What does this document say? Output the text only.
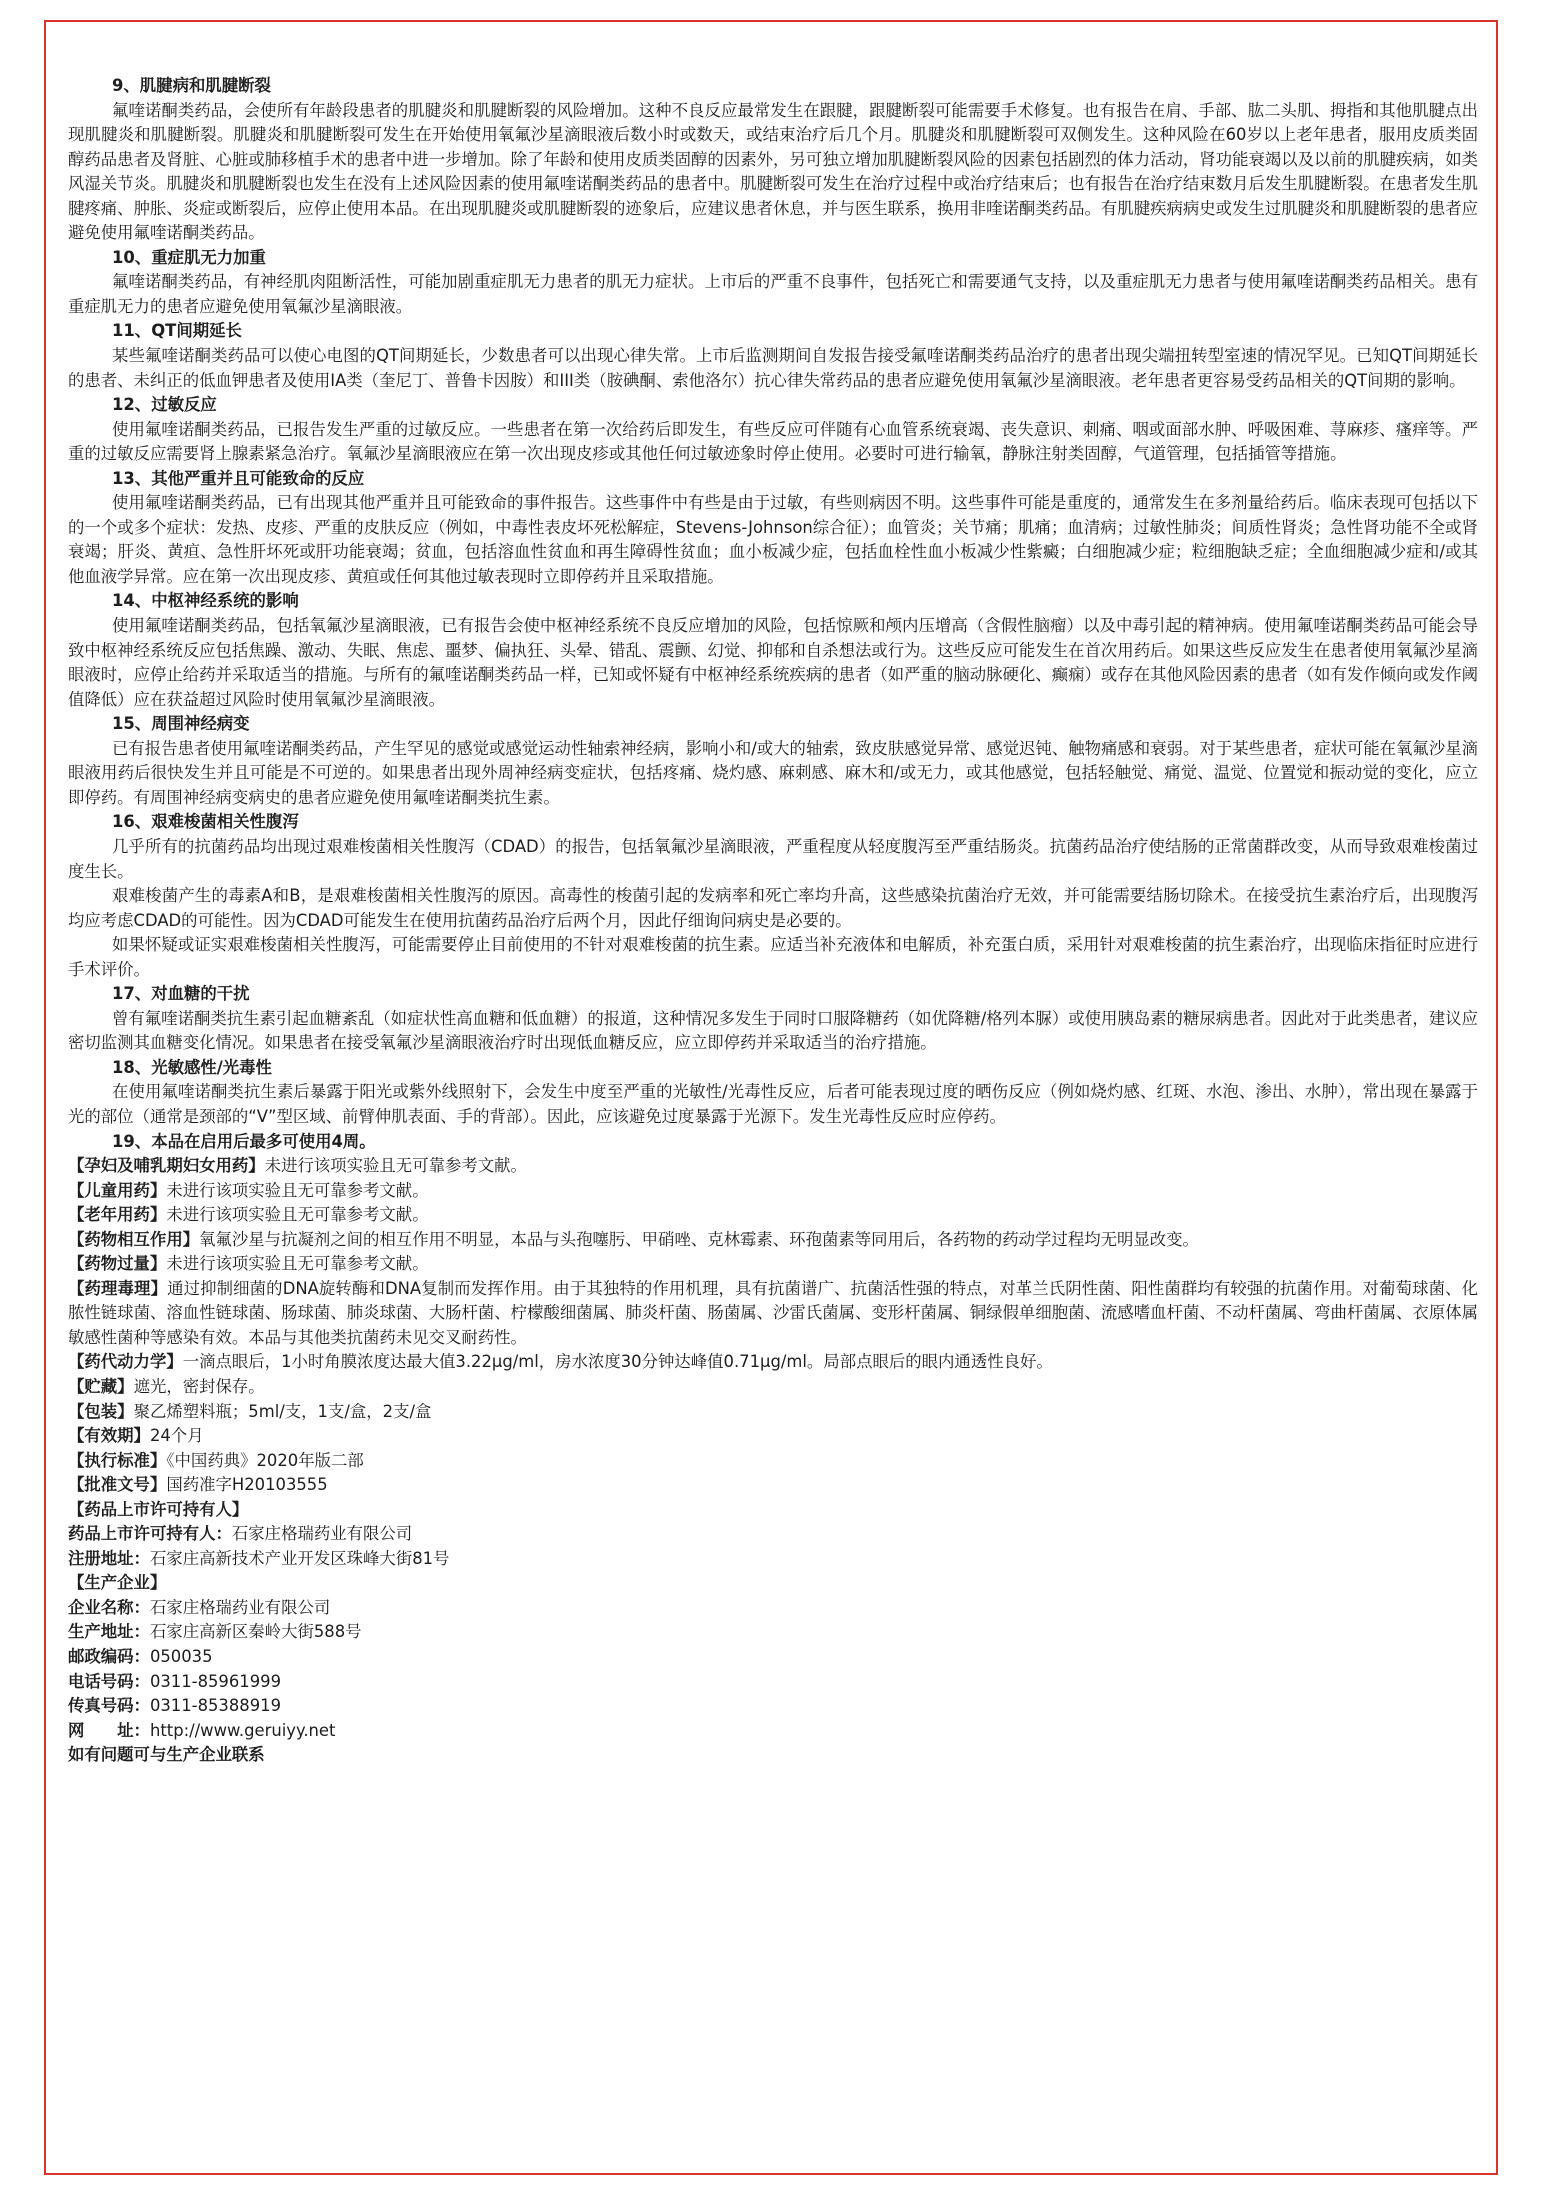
9、肌腱病和肌腱断裂

氟喹诺酮类药品，会使所有年龄段患者的肌腱炎和肌腱断裂的风险增加。这种不良反应最常发生在跟腱，跟腱断裂可能需要手术修复。也有报告在肩、手部、肱二头肌、拇指和其他肌腱点出现肌腱炎和肌腱断裂。肌腱炎和肌腱断裂可发生在开始使用氧氟沙星滴眼液后数小时或数天，或结束治疗后几个月。肌腱炎和肌腱断裂可双侧发生。这种风险在60岁以上老年患者，服用皮质类固醇药品患者及肾脏、心脏或肺移植手术的患者中进一步增加。除了年龄和使用皮质类固醇的因素外，另可独立增加肌腱断裂风险的因素包括剧烈的体力活动，肾功能衰竭以及以前的肌腱疾病，如类风湿关节炎。肌腱炎和肌腱断裂也发生在没有上述风险因素的使用氟喹诺酮类药品的患者中。肌腱断裂可发生在治疗过程中或治疗结束后；也有报告在治疗结束数月后发生肌腱断裂。在患者发生肌腱疼痛、肿胀、炎症或断裂后，应停止使用本品。在出现肌腱炎或肌腱断裂的迹象后，应建议患者休息，并与医生联系，换用非喹诺酮类药品。有肌腱疾病病史或发生过肌腱炎和肌腱断裂的患者应避免使用氟喹诺酮类药品。

10、重症肌无力加重

氟喹诺酮类药品，有神经肌肉阻断活性，可能加剧重症肌无力患者的肌无力症状。上市后的严重不良事件，包括死亡和需要通气支持，以及重症肌无力患者与使用氟喹诺酮类药品相关。患有重症肌无力的患者应避免使用氧氟沙星滴眼液。

11、QT间期延长

某些氟喹诺酮类药品可以使心电图的QT间期延长，少数患者可以出现心律失常。上市后监测期间自发报告接受氟喹诺酮类药品治疗的患者出现尖端扭转型室速的情况罕见。已知QT间期延长的患者、未纠正的低血钾患者及使用IA类（奎尼丁、普鲁卡因胺）和III类（胺碘酮、索他洛尔）抗心律失常药品的患者应避免使用氧氟沙星滴眼液。老年患者更容易受药品相关的QT间期的影响。

12、过敏反应

使用氟喹诺酮类药品，已报告发生严重的过敏反应。一些患者在第一次给药后即发生，有些反应可伴随有心血管系统衰竭、丧失意识、刺痛、咽或面部水肿、呼吸困难、荨麻疹、瘙痒等。严重的过敏反应需要肾上腺素紧急治疗。氧氟沙星滴眼液应在第一次出现皮疹或其他任何过敏迹象时停止使用。必要时可进行输氧，静脉注射类固醇，气道管理，包括插管等措施。

13、其他严重并且可能致命的反应

使用氟喹诺酮类药品，已有出现其他严重并且可能致命的事件报告。这些事件中有些是由于过敏，有些则病因不明。这些事件可能是重度的，通常发生在多剂量给药后。临床表现可包括以下的一个或多个症状：发热、皮疹、严重的皮肤反应（例如，中毒性表皮坏死松解症，Stevens-Johnson综合征）；血管炎；关节痛；肌痛；血清病；过敏性肺炎；间质性肾炎；急性肾功能不全或肾衰竭；肝炎、黄疸、急性肝坏死或肝功能衰竭；贫血，包括溶血性贫血和再生障碍性贫血；血小板减少症，包括血栓性血小板减少性紫癜；白细胞减少症；粒细胞缺乏症；全血细胞减少症和/或其他血液学异常。应在第一次出现皮疹、黄疸或任何其他过敏表现时立即停药并且采取措施。

14、中枢神经系统的影响

使用氟喹诺酮类药品，包括氧氟沙星滴眼液，已有报告会使中枢神经系统不良反应增加的风险，包括惊厥和颅内压增高（含假性脑瘤）以及中毒引起的精神病。使用氟喹诺酮类药品可能会导致中枢神经系统反应包括焦躁、激动、失眠、焦虑、噩梦、偏执狂、头晕、错乱、震颤、幻觉、抑郁和自杀想法或行为。这些反应可能发生在首次用药后。如果这些反应发生在患者使用氧氟沙星滴眼液时，应停止给药并采取适当的措施。与所有的氟喹诺酮类药品一样，已知或怀疑有中枢神经系统疾病的患者（如严重的脑动脉硬化、癫痫）或存在其他风险因素的患者（如有发作倾向或发作阈值降低）应在获益超过风险时使用氧氟沙星滴眼液。

15、周围神经病变

已有报告患者使用氟喹诺酮类药品，产生罕见的感觉或感觉运动性轴索神经病，影响小和/或大的轴索，致皮肤感觉异常、感觉迟钝、触物痛感和衰弱。对于某些患者，症状可能在氧氟沙星滴眼液用药后很快发生并且可能是不可逆的。如果患者出现外周神经病变症状，包括疼痛、烧灼感、麻刺感、麻木和/或无力，或其他感觉，包括轻触觉、痛觉、温觉、位置觉和振动觉的变化，应立即停药。有周围神经病变病史的患者应避免使用氟喹诺酮类抗生素。

16、艰难梭菌相关性腹泻

几乎所有的抗菌药品均出现过艰难梭菌相关性腹泻（CDAD）的报告，包括氧氟沙星滴眼液，严重程度从轻度腹泻至严重结肠炎。抗菌药品治疗使结肠的正常菌群改变，从而导致艰难梭菌过度生长。

艰难梭菌产生的毒素A和B，是艰难梭菌相关性腹泻的原因。高毒性的梭菌引起的发病率和死亡率均升高，这些感染抗菌治疗无效，并可能需要结肠切除术。在接受抗生素治疗后，出现腹泻均应考虑CDAD的可能性。因为CDAD可能发生在使用抗菌药品治疗后两个月，因此仔细询问病史是必要的。

如果怀疑或证实艰难梭菌相关性腹泻，可能需要停止目前使用的不针对艰难梭菌的抗生素。应适当补充液体和电解质，补充蛋白质，采用针对艰难梭菌的抗生素治疗，出现临床指征时应进行手术评价。

17、对血糖的干扰

曾有氟喹诺酮类抗生素引起血糖紊乱（如症状性高血糖和低血糖）的报道，这种情况多发生于同时口服降糖药（如优降糖/格列本脲）或使用胰岛素的糖尿病患者。因此对于此类患者，建议应密切监测其血糖变化情况。如果患者在接受氧氟沙星滴眼液治疗时出现低血糖反应，应立即停药并采取适当的治疗措施。

18、光敏感性/光毒性

在使用氟喹诺酮类抗生素后暴露于阳光或紫外线照射下，会发生中度至严重的光敏性/光毒性反应，后者可能表现过度的晒伤反应（例如烧灼感、红斑、水泡、渗出、水肿），常出现在暴露于光的部位（通常是颈部的“V”型区域、前臂伸肌表面、手的背部）。因此，应该避免过度暴露于光源下。发生光毒性反应时应停药。

19、本品在启用后最多可使用4周。

【孕妇及哺乳期妇女用药】未进行该项实验且无可靠参考文献。

【儿童用药】未进行该项实验且无可靠参考文献。

【老年用药】未进行该项实验且无可靠参考文献。

【药物相互作用】氧氟沙星与抗凝剂之间的相互作用不明显，本品与头孢噻肟、甲硝唑、克林霉素、环孢菌素等同用后，各药物的药动学过程均无明显改变。

【药物过量】未进行该项实验且无可靠参考文献。

【药理毒理】通过抑制细菌的DNA旋转酶和DNA复制而发挥作用。由于其独特的作用机理，具有抗菌谱广、抗菌活性强的特点，对革兰氏阴性菌、阳性菌群均有较强的抗菌作用。对葡萄球菌、化脓性链球菌、溶血性链球菌、肠球菌、肺炎球菌、大肠杆菌、柠檬酸细菌属、肺炎杆菌、肠菌属、沙雷氏菌属、变形杆菌属、铜绿假单细胞菌、流感嗜血杆菌、不动杆菌属、弯曲杆菌属、衣原体属敏感性菌种等感染有效。本品与其他类抗菌药未见交叉耐药性。

【药代动力学】一滴点眼后，1小时角膜浓度达最大值3.22μg/ml，房水浓度30分钟达峰值0.71μg/ml。局部点眼后的眼内通透性良好。

【贮藏】遮光，密封保存。

【包装】聚乙烯塑料瓶；5ml/支，1支/盒，2支/盒

【有效期】24个月

【执行标准】《中国药典》2020年版二部

【批准文号】国药准字H20103555

【药品上市许可持有人】

药品上市许可持有人：石家庄格瑞药业有限公司

注册地址：石家庄高新技术产业开发区珠峰大街81号

【生产企业】

企业名称：石家庄格瑞药业有限公司

生产地址：石家庄高新区秦岭大街588号

邮政编码：050035

电话号码：0311-85961999

传真号码：0311-85388919

网　　址：http://www.geruiyy.net

如有问题可与生产企业联系
